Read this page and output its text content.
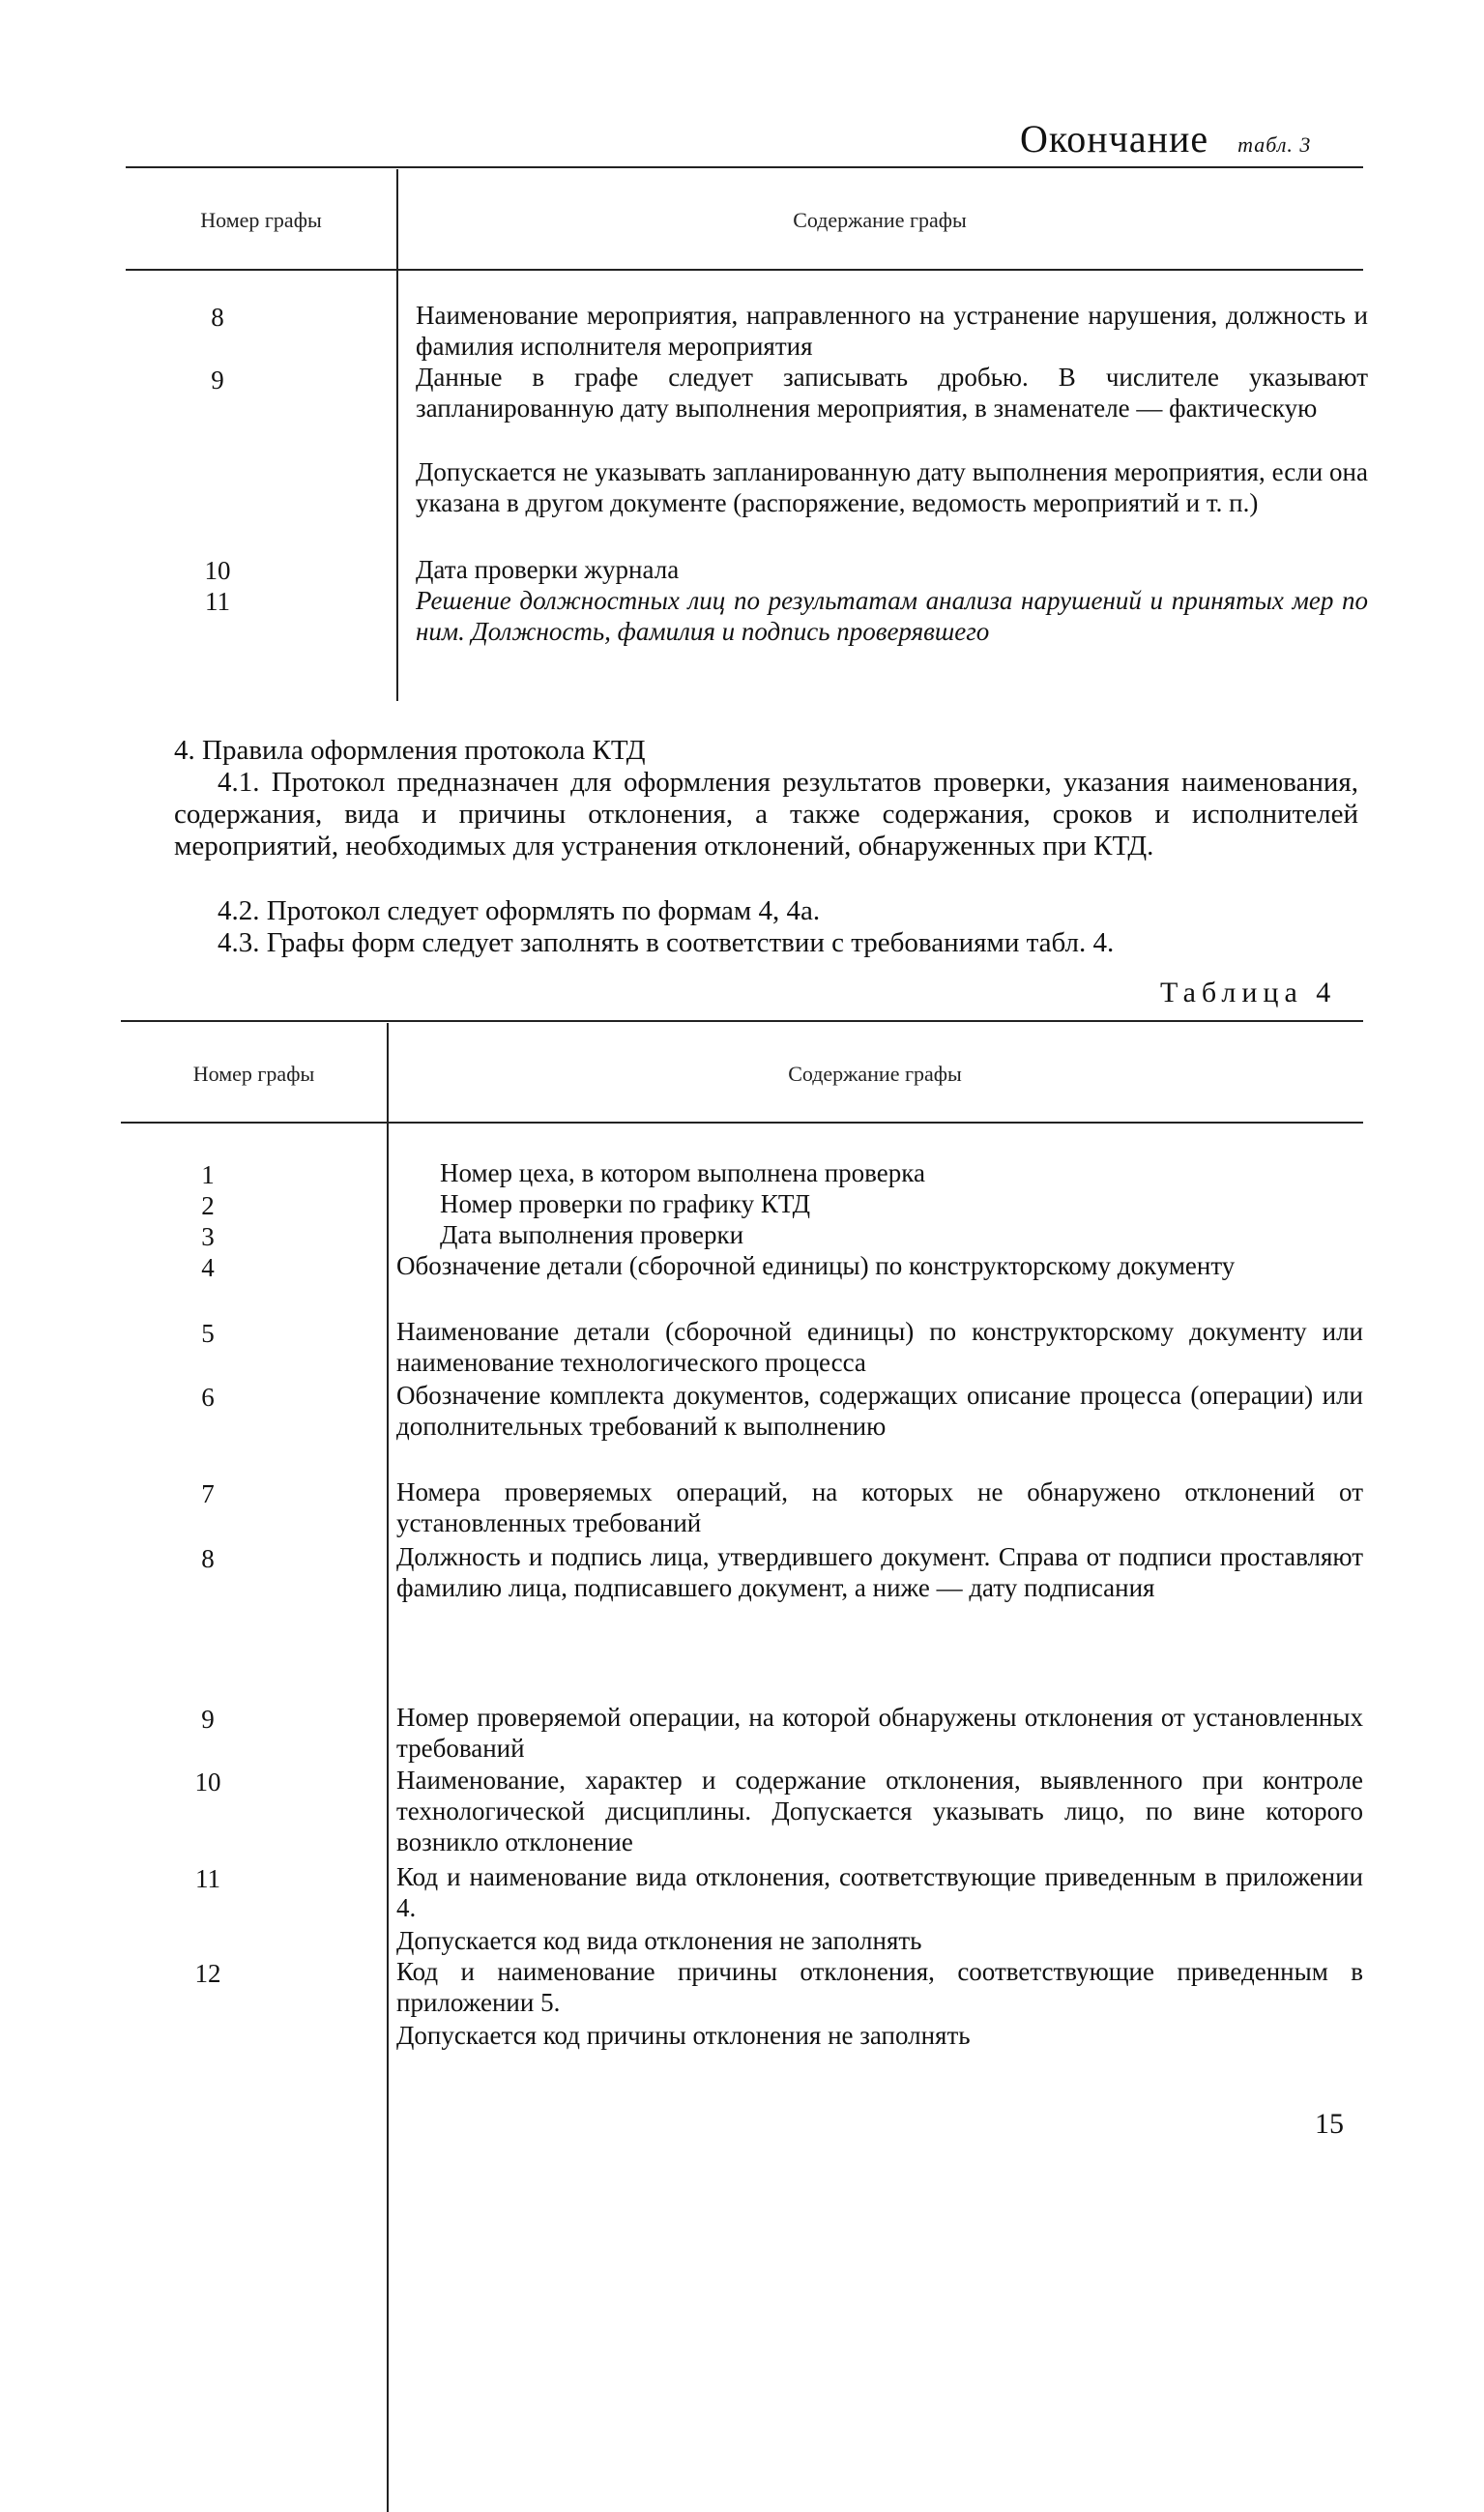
Окончание табл. 3
Номер графы	Содержание графы
8	Наименование мероприятия, направленного на устранение нарушения, должность и фамилия исполнителя мероприятия
9	Данные в графе следует записывать дробью. В числителе указывают запланированную дату выполнения мероприятия, в знаменателе — фактическую
Допускается не указывать запланированную дату выполнения мероприятия, если она указана в другом документе (распоряжение, ведомость мероприятий и т. п.)
10	Дата проверки журнала
11	Решение должностных лиц по результатам анализа нарушений и принятых мер по ним. Должность, фамилия и подпись проверявшего
4. Правила оформления протокола КТД
4.1. Протокол предназначен для оформления результатов проверки, указания наименования, содержания, вида и причины отклонения, а также содержания, сроков и исполнителей мероприятий, необходимых для устранения отклонений, обнаруженных при КТД.
4.2. Протокол следует оформлять по формам 4, 4а.
4.3. Графы форм следует заполнять в соответствии с требованиями табл. 4.
Таблица 4
Номер графы	Содержание графы
1	Номер цеха, в котором выполнена проверка
2	Номер проверки по графику КТД
3	Дата выполнения проверки
4	Обозначение детали (сборочной единицы) по конструкторскому документу
5	Наименование детали (сборочной единицы) по конструкторскому документу или наименование технологического процесса
6	Обозначение комплекта документов, содержащих описание процесса (операции) или дополнительных требований к выполнению
7	Номера проверяемых операций, на которых не обнаружено отклонений от установленных требований
8	Должность и подпись лица, утвердившего документ. Справа от подписи проставляют фамилию лица, подписавшего документ, а ниже — дату подписания
9	Номер проверяемой операции, на которой обнаружены отклонения от установленных требований
10	Наименование, характер и содержание отклонения, выявленного при контроле технологической дисциплины. Допускается указывать лицо, по вине которого возникло отклонение
11	Код и наименование вида отклонения, соответствующие приведенным в приложении 4.
Допускается код вида отклонения не заполнять
12	Код и наименование причины отклонения, соответствующие приведенным в приложении 5.
Допускается код причины отклонения не заполнять
15
